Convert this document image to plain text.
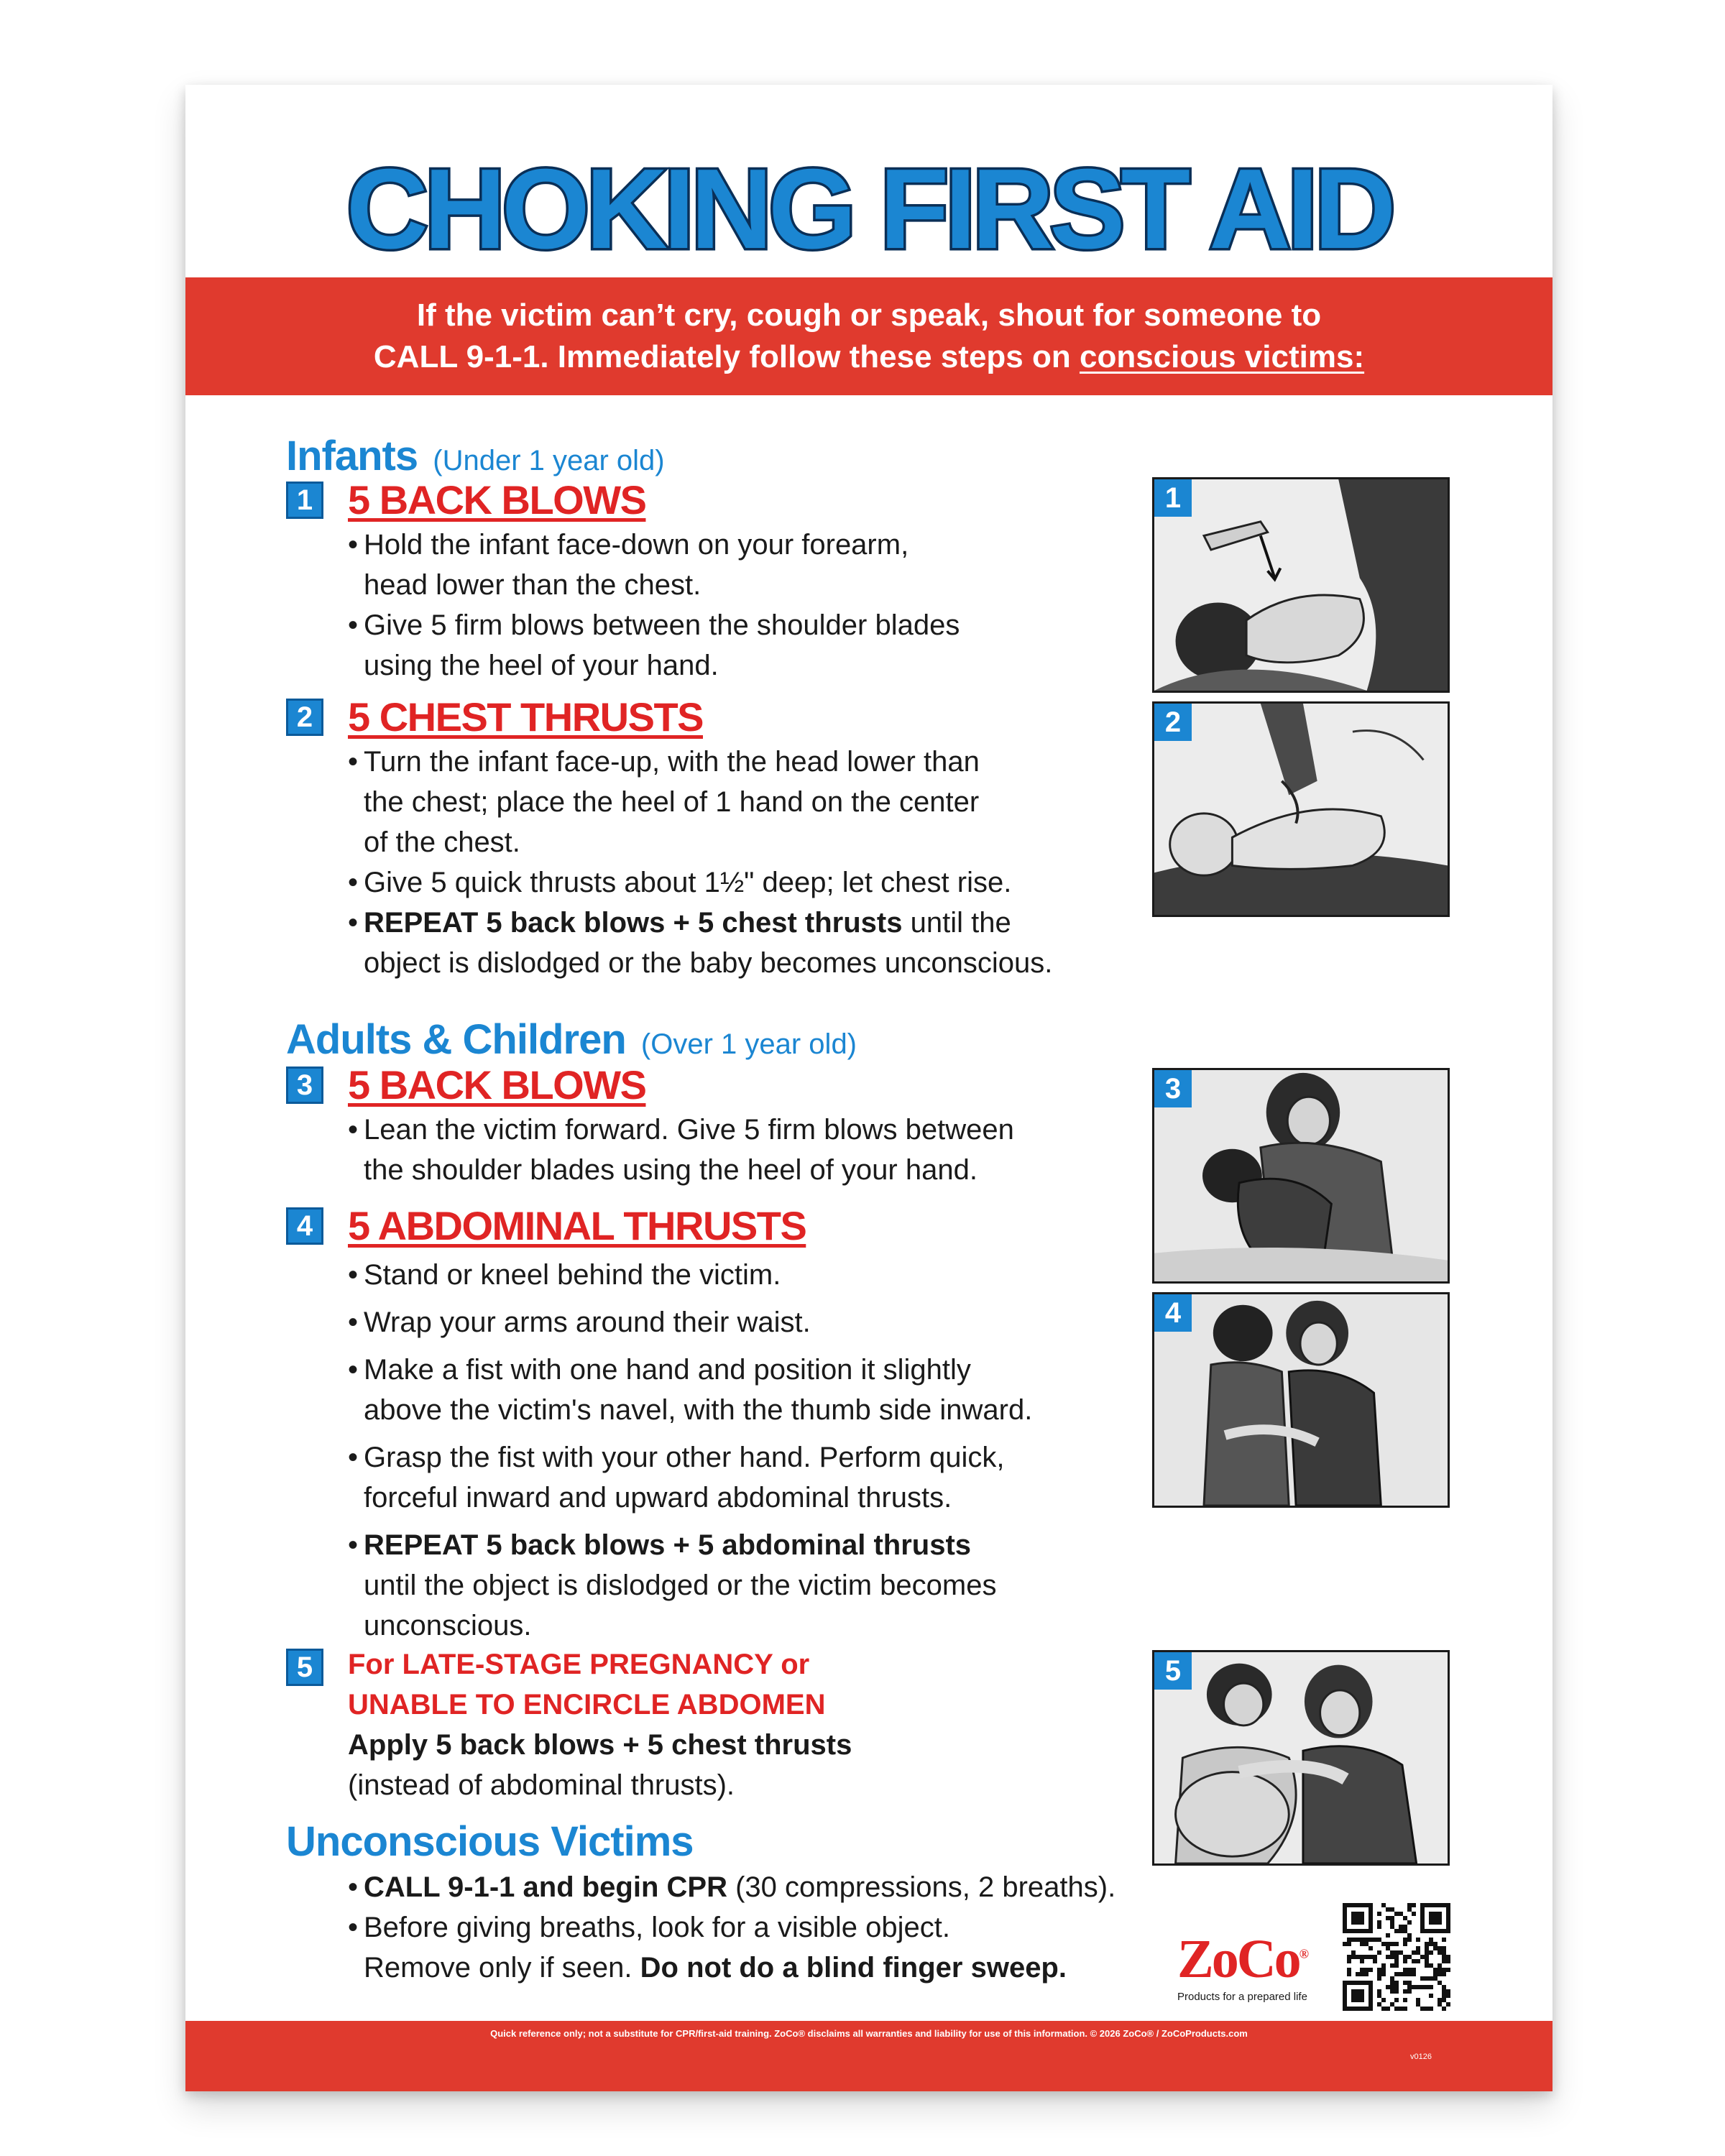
CHOKING FIRST AID
If the victim can’t cry, cough or speak, shout for someone to
CALL 9-1-1. Immediately follow these steps on conscious victims:
Infants (Under 1 year old)
1 5 BACK BLOWS
• Hold the infant face-down on your forearm,
head lower than the chest.
• Give 5 firm blows between the shoulder blades
using the heel of your hand.
2 5 CHEST THRUSTS
• Turn the infant face-up, with the head lower than
the chest; place the heel of 1 hand on the center
of the chest.
• Give 5 quick thrusts about 1½" deep; let chest rise.
• REPEAT 5 back blows + 5 chest thrusts until the
object is dislodged or the baby becomes unconscious.
Adults & Children (Over 1 year old)
3 5 BACK BLOWS
• Lean the victim forward. Give 5 firm blows between
the shoulder blades using the heel of your hand.
4 5 ABDOMINAL THRUSTS
• Stand or kneel behind the victim.
• Wrap your arms around their waist.
• Make a fist with one hand and position it slightly
above the victim's navel, with the thumb side inward.
• Grasp the fist with your other hand. Perform quick,
forceful inward and upward abdominal thrusts.
• REPEAT 5 back blows + 5 abdominal thrusts
until the object is dislodged or the victim becomes
unconscious.
5	For LATE-STAGE PREGNANCY or
UNABLE TO ENCIRCLE ABDOMEN
Apply 5 back blows + 5 chest thrusts
(instead of abdominal thrusts).
Unconscious Victims
• CALL 9-1-1 and begin CPR (30 compressions, 2 breaths).
• Before giving breaths, look for a visible object.
Remove only if seen. Do not do a blind finger sweep.
1
2
3
4
5
ZoCo®
Products for a prepared life
Quick reference only; not a substitute for CPR/first-aid training. ZoCo® disclaims all warranties and liability for use of this information. © 2026 ZoCo® / ZoCoProducts.com
v0126
